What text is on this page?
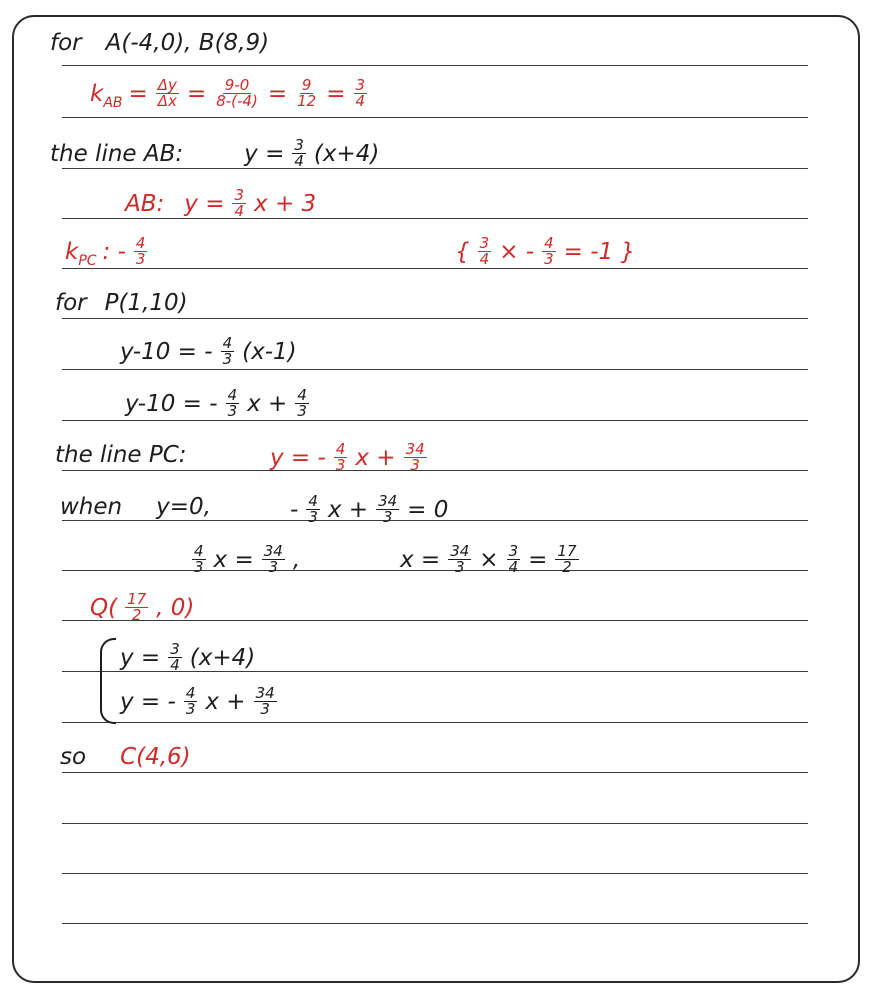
for A(-4,0), B(8,9)
$k_{AB} = \frac{\Delta y}{\Delta x} = \frac{9-0}{8-(-4)} = \frac{9}{12} = \frac{3}{4}$
the line AB:	$y = \frac{3}{4} (x+4)$
AB: $y = \frac{3}{4}$ x + 3
$k_{PC}$ : - $\frac{4}{3}$	{ $\frac{3}{4}$ × - $\frac{4}{3} = -1$ }
for P(1,10)
y-10 = - $\frac{4}{3} (x-1)$
y-10 = - $\frac{4}{3}$ $x + \frac{4}{3}$
the line PC:	y = - $\frac{4}{3}$ $x + \frac{34}{3}$
when y=0,	- $\frac{4}{3}$ $x + \frac{34}{3} = 0$
$\frac{4}{3}$ $x = \frac{34}{3}$ ,	$x = \frac{34}{3} \times \frac{3}{4} = \frac{17}{2}$
$Q( \frac{17}{2}$ , 0)
$y = \frac{3}{4} (x+4)$
y = - $\frac{4}{3}$ $x + \frac{34}{3}$
so C(4,6)
